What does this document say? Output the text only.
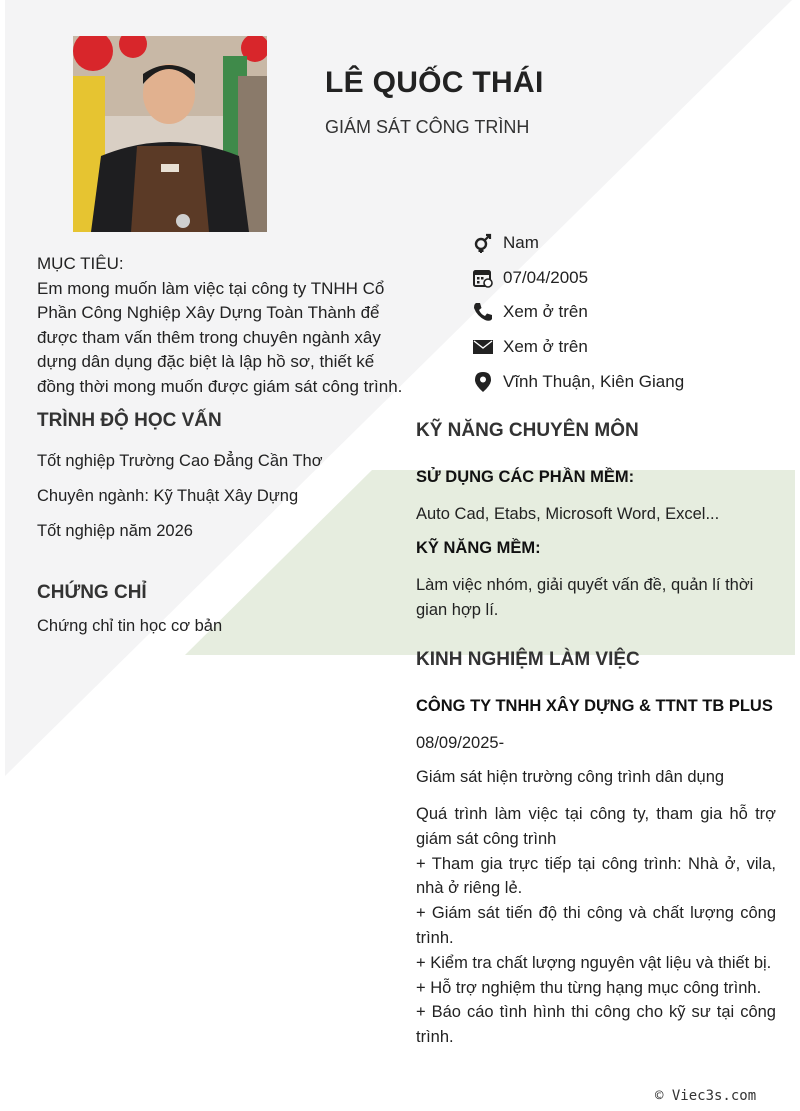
LÊ QUỐC THÁI
GIÁM SÁT CÔNG TRÌNH
Nam
07/04/2005
Xem ở trên
Xem ở trên
Vĩnh Thuận, Kiên Giang
MỤC TIÊU:
Em mong muốn làm việc tại công ty TNHH Cổ Phần Công Nghiệp Xây Dựng Toàn Thành để được tham vấn thêm trong chuyên ngành xây dựng dân dụng đặc biệt là lập hồ sơ, thiết kế đồng thời mong muốn được giám sát công trình.
TRÌNH ĐỘ HỌC VẤN
Tốt nghiệp Trường Cao Đẳng Cần Thơ
Chuyên ngành: Kỹ Thuật Xây Dựng
Tốt nghiệp năm 2026
CHỨNG CHỈ
Chứng chỉ tin học cơ bản
KỸ NĂNG CHUYÊN MÔN
SỬ DỤNG CÁC PHẦN MỀM:
Auto Cad, Etabs, Microsoft Word, Excel...
KỸ NĂNG MỀM:
Làm việc nhóm, giải quyết vấn đề, quản lí thời gian hợp lí.
KINH NGHIỆM LÀM VIỆC
CÔNG TY TNHH XÂY DỰNG & TTNT TB PLUS
08/09/2025-
Giám sát hiện trường công trình dân dụng
Quá trình làm việc tại công ty, tham gia hỗ trợ giám sát công trình
+ Tham gia trực tiếp tại công trình: Nhà ở, vila, nhà ở riêng lẻ.
+ Giám sát tiến độ thi công và chất lượng công trình.
+ Kiểm tra chất lượng nguyên vật liệu và thiết bị.
+ Hỗ trợ nghiệm thu từng hạng mục công trình.
+ Báo cáo tình hình thi công cho kỹ sư tại công trình.
© Viec3s.com
